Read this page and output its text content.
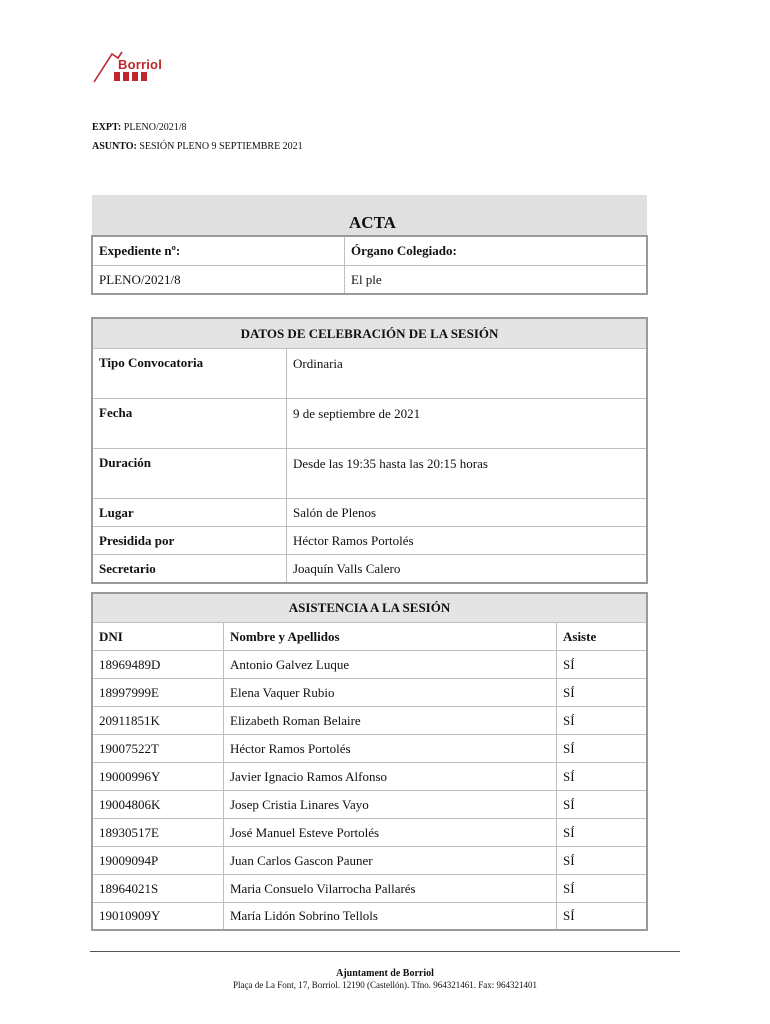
Borriol
EXPT: PLENO/2021/8
ASUNTO: SESIÓN PLENO 9 SEPTIEMBRE 2021
ACTA	
Expediente nº:	Órgano Colegiado:
PLENO/2021/8	El ple
DATOS DE CELEBRACIÓN DE LA SESIÓN	
Tipo Convocatoria	Ordinaria
Fecha	9 de septiembre de 2021
Duración	Desde las 19:35 hasta las 20:15 horas
Lugar	Salón de Plenos
Presidida por	Héctor Ramos Portolés
Secretario	Joaquín Valls Calero
ASISTENCIA A LA SESIÓN		
DNI	Nombre y Apellidos	Asiste
18969489D	Antonio Galvez Luque	SÍ
18997999E	Elena Vaquer Rubio	SÍ
20911851K	Elizabeth Roman Belaire	SÍ
19007522T	Héctor Ramos Portolés	SÍ
19000996Y	Javier Ignacio Ramos Alfonso	SÍ
19004806K	Josep Cristia Linares Vayo	SÍ
18930517E	José Manuel Esteve Portolés	SÍ
19009094P	Juan Carlos Gascon Pauner	SÍ
18964021S	Maria Consuelo Vilarrocha Pallarés	SÍ
19010909Y	María Lidón Sobrino Tellols	SÍ
Ajuntament de Borriol
Plaça de La Font, 17, Borriol. 12190 (Castellón). Tfno. 964321461. Fax: 964321401
